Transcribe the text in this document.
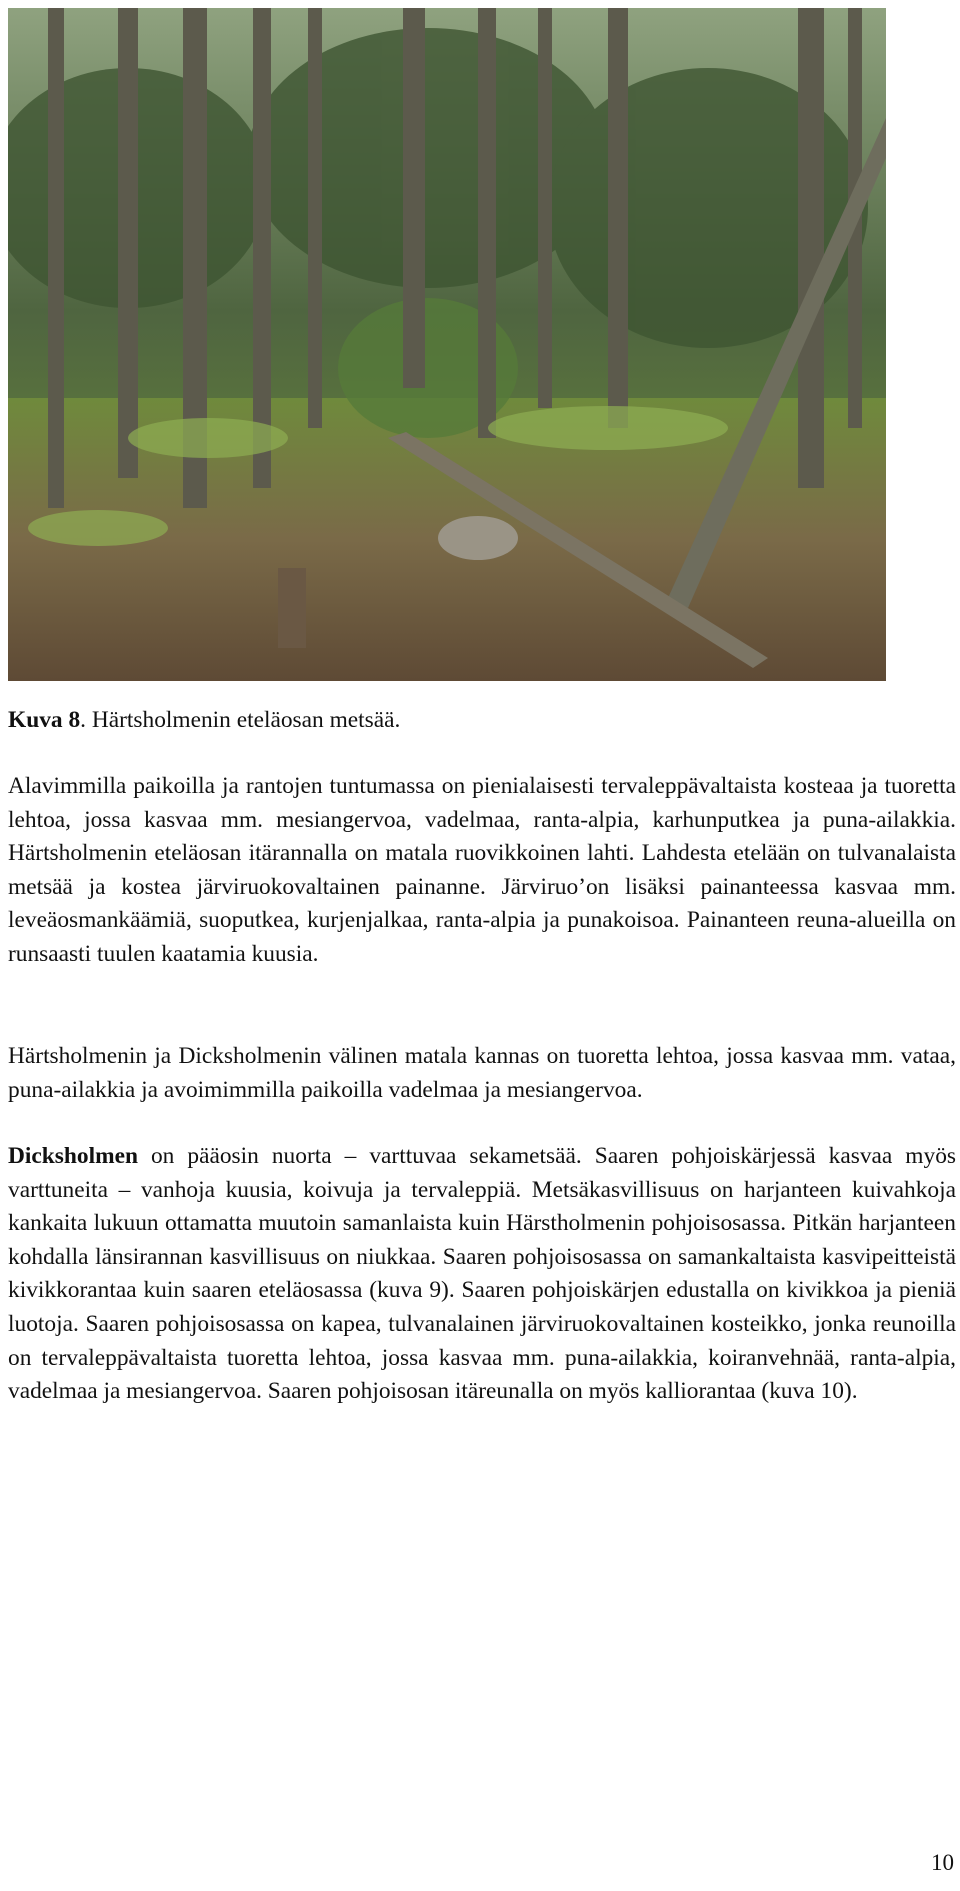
Kuva 8. Härtsholmenin eteläosan metsää.

Alavimmilla paikoilla ja rantojen tuntumassa on pienialaisesti tervaleppävaltaista kosteaa ja tuoretta lehtoa, jossa kasvaa mm. mesiangervoa, vadelmaa, ranta-alpia, karhunputkea ja puna-ailakkia. Härtsholmenin eteläosan itärannalla on matala ruovikkoinen lahti. Lahdesta etelään on tulvanalaista metsää ja kostea järviruokovaltainen painanne. Järviruo’on lisäksi painanteessa kasvaa mm. leveäosmankäämiä, suoputkea, kurjenjalkaa, ranta-alpia ja punakoisoa. Painanteen reuna-alueilla on runsaasti tuulen kaatamia kuusia.

Härtsholmenin ja Dicksholmenin välinen matala kannas on tuoretta lehtoa, jossa kasvaa mm. vataa, puna-ailakkia ja avoimimmilla paikoilla vadelmaa ja mesiangervoa.

Dicksholmen on pääosin nuorta – varttuvaa sekametsää. Saaren pohjoiskärjessä kasvaa myös varttuneita – vanhoja kuusia, koivuja ja tervaleppiä. Metsäkasvillisuus on harjanteen kuivahkoja kankaita lukuun ottamatta muutoin samanlaista kuin Härstholmenin pohjoisosassa. Pitkän harjanteen kohdalla länsirannan kasvillisuus on niukkaa. Saaren pohjoisosassa on samankaltaista kasvipeitteistä kivikkorantaa kuin saaren eteläosassa (kuva 9). Saaren pohjoiskärjen edustalla on kivikkoa ja pieniä luotoja. Saaren pohjoisosassa on kapea, tulvanalainen järviruokovaltainen kosteikko, jonka reunoilla on tervaleppävaltaista tuoretta lehtoa, jossa kasvaa mm. puna-ailakkia, koiranvehnää, ranta-alpia, vadelmaa ja mesiangervoa. Saaren pohjoisosan itäreunalla on myös kalliorantaa (kuva 10).

10
